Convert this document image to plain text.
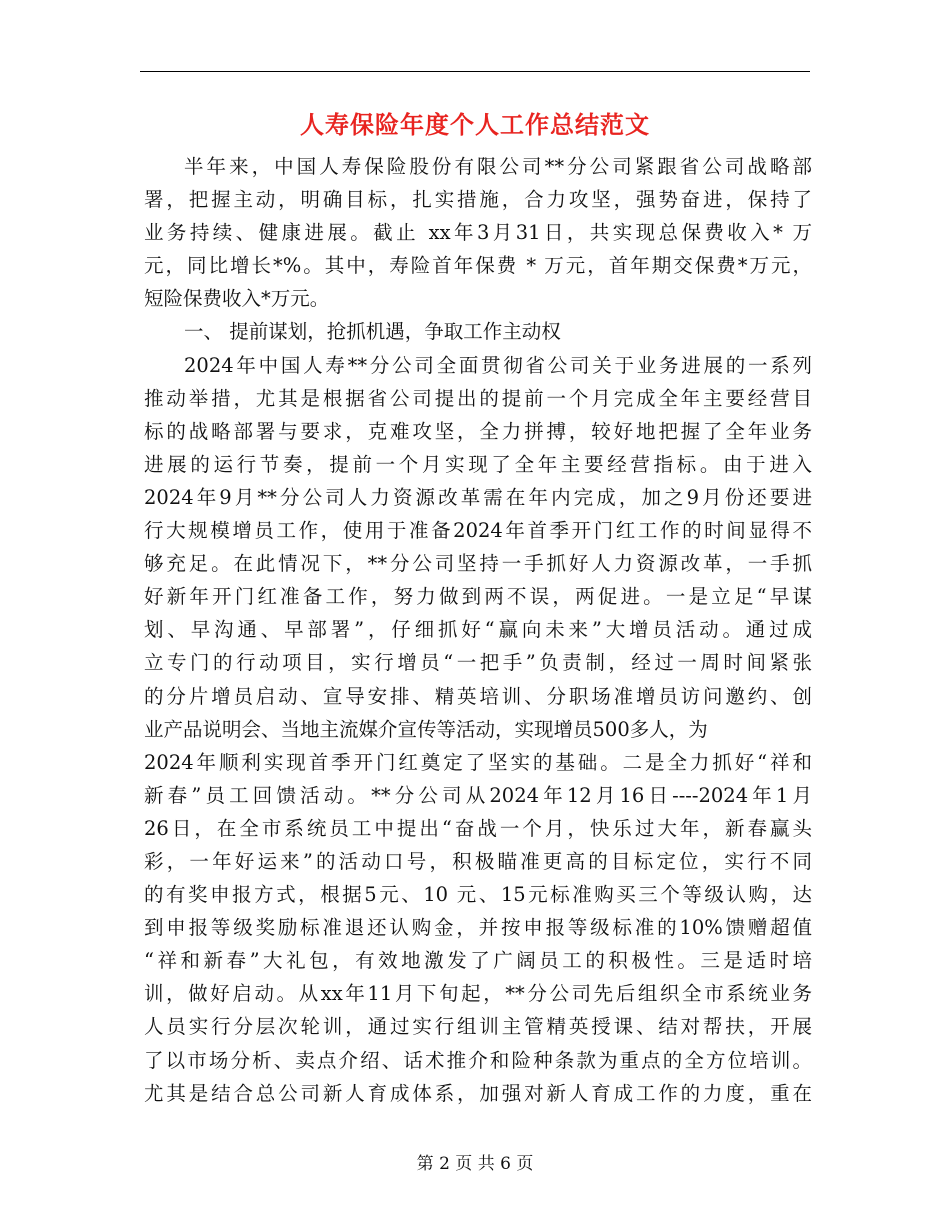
人寿保险年度个人工作总结范文
半年来，中国人寿保险股份有限公司**分公司紧跟省公司战略部
署，把握主动，明确目标，扎实措施，合力攻坚，强势奋进，保持了
业务持续、健康进展。截止 xx年3月31日，共实现总保费收入* 万
元，同比增长*%。其中，寿险首年保费 * 万元，首年期交保费*万元，
短险保费收入*万元。
一、 提前谋划，抢抓机遇，争取工作主动权
2024年中国人寿**分公司全面贯彻省公司关于业务进展的一系列
推动举措，尤其是根据省公司提出的提前一个月完成全年主要经营目
标的战略部署与要求，克难攻坚，全力拼搏，较好地把握了全年业务
进展的运行节奏，提前一个月实现了全年主要经营指标。由于进入
2024年9月**分公司人力资源改革需在年内完成，加之9月份还要进
行大规模增员工作，使用于准备2024年首季开门红工作的时间显得不
够充足。在此情况下，**分公司坚持一手抓好人力资源改革，一手抓
好新年开门红准备工作，努力做到两不误，两促进。一是立足“早谋
划、早沟通、早部署”，仔细抓好“赢向未来”大增员活动。通过成
立专门的行动项目，实行增员“一把手”负责制，经过一周时间紧张
的分片增员启动、宣导安排、精英培训、分职场准增员访问邀约、创
业产品说明会、当地主流媒介宣传等活动，实现增员500多人，为
2024年顺利实现首季开门红奠定了坚实的基础。二是全力抓好“祥和
新春”员工回馈活动。**分公司从2024年12月16日----2024年1月
26日，在全市系统员工中提出“奋战一个月，快乐过大年，新春赢头
彩，一年好运来”的活动口号，积极瞄准更高的目标定位，实行不同
的有奖申报方式，根据5元、10 元、15元标准购买三个等级认购，达
到申报等级奖励标准退还认购金，并按申报等级标准的10%馈赠超值
“祥和新春”大礼包，有效地激发了广阔员工的积极性。三是适时培
训，做好启动。从xx年11月下旬起，**分公司先后组织全市系统业务
人员实行分层次轮训，通过实行组训主管精英授课、结对帮扶，开展
了以市场分析、卖点介绍、话术推介和险种条款为重点的全方位培训。
尤其是结合总公司新人育成体系，加强对新人育成工作的力度，重在
第 2 页 共 6 页
